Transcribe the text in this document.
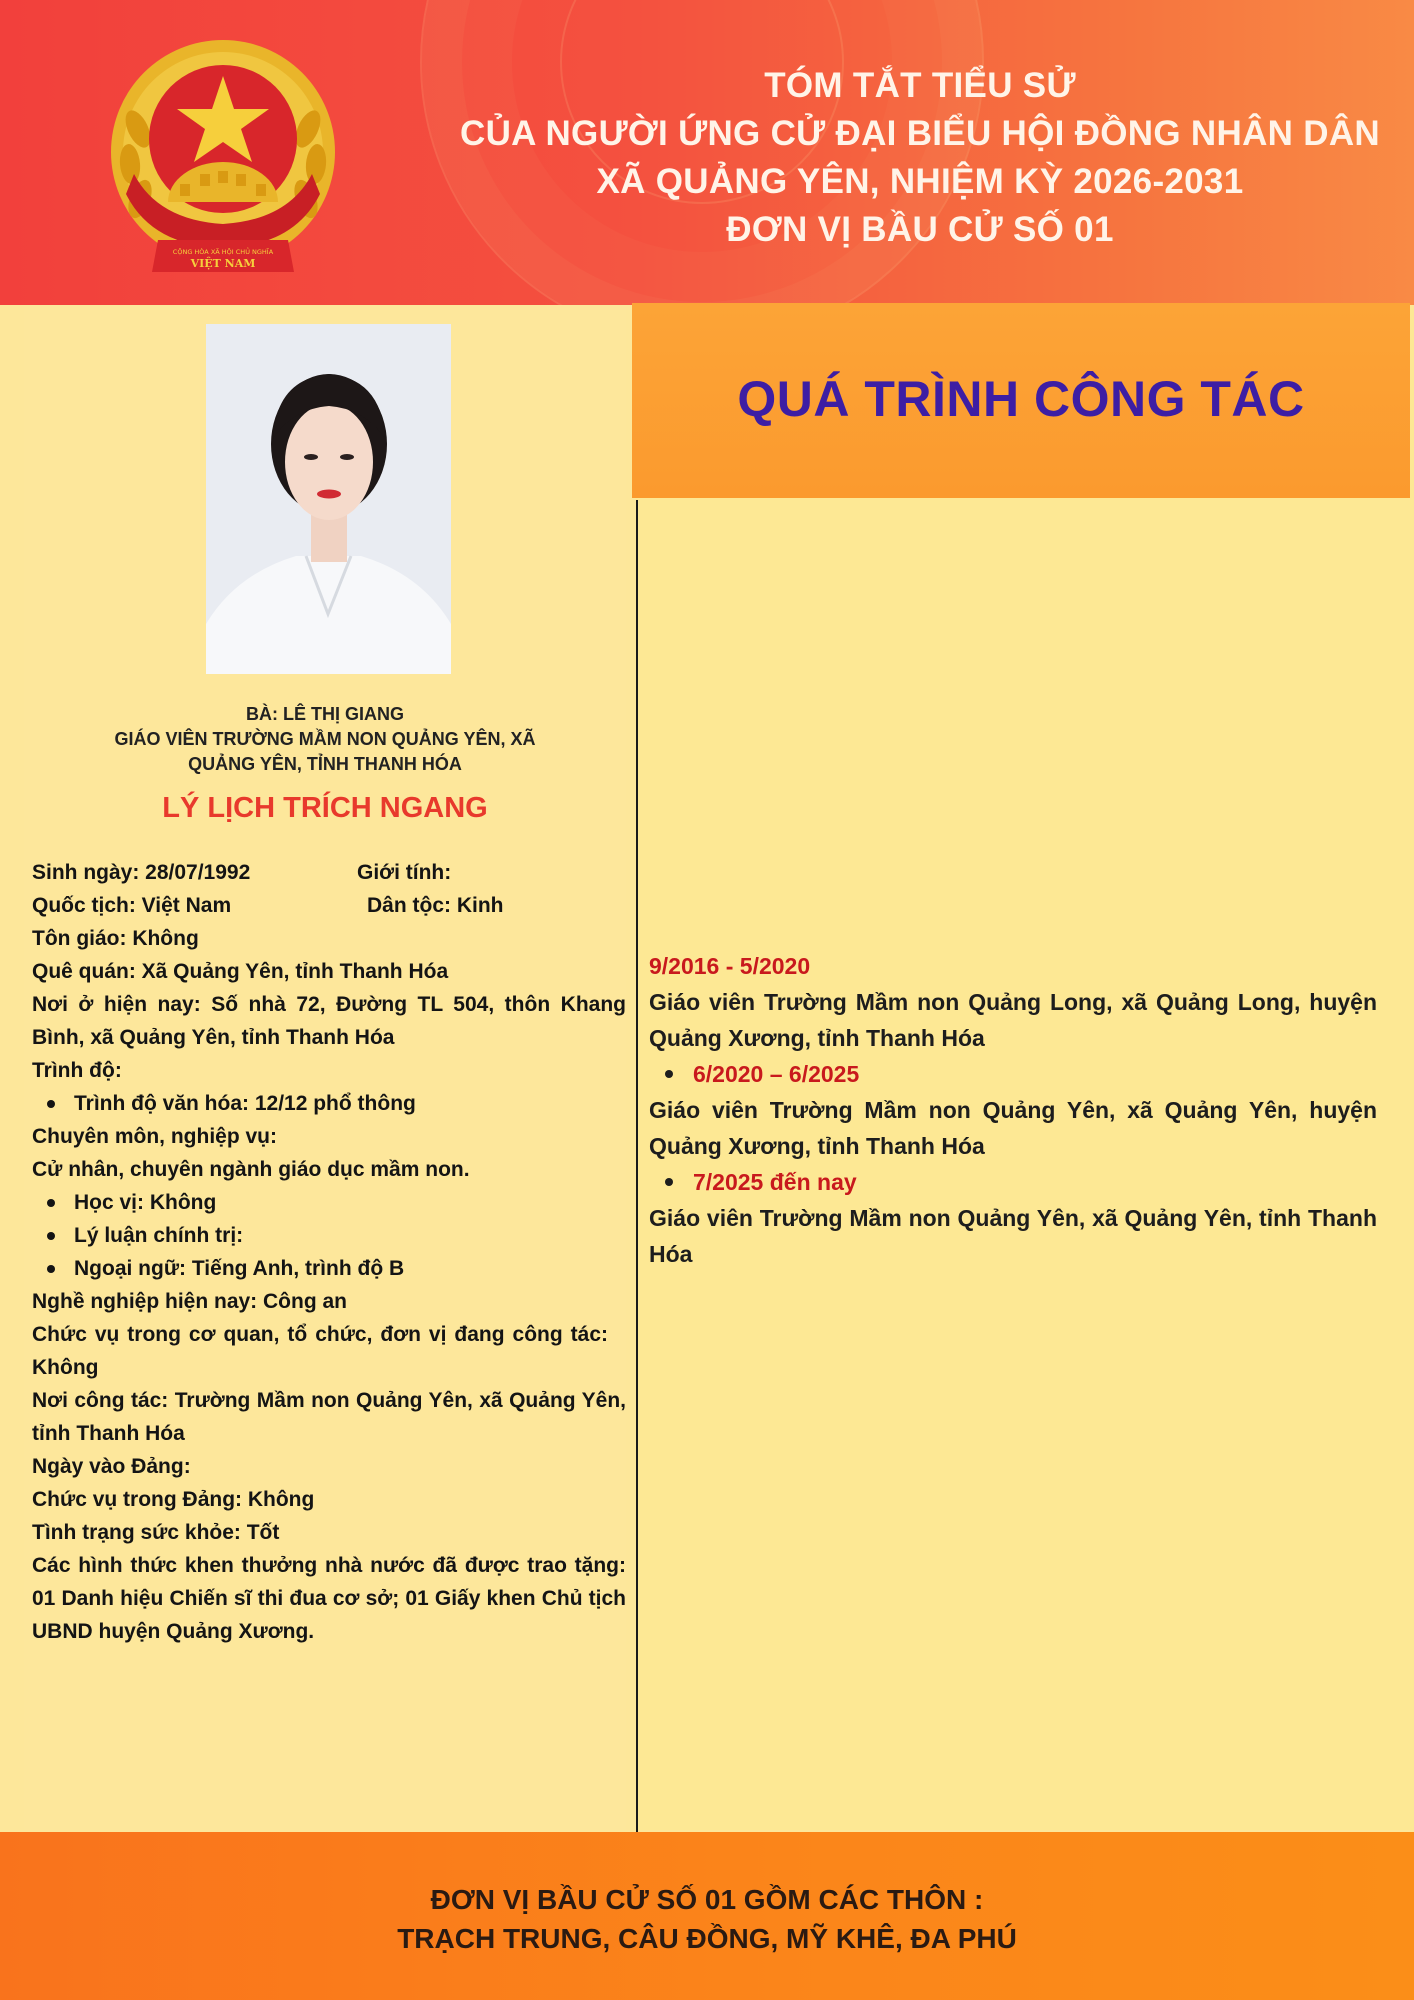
CỘNG HÒA XÃ HỘI CHỦ NGHĨA
VIỆT NAM
TÓM TẮT TIỂU SỬ
CỦA NGƯỜI ỨNG CỬ ĐẠI BIỂU HỘI ĐỒNG NHÂN DÂN
XÃ QUẢNG YÊN, NHIỆM KỲ 2026-2031
ĐƠN VỊ BẦU CỬ SỐ 01
BÀ: LÊ THỊ GIANG
GIÁO VIÊN TRƯỜNG MẦM NON QUẢNG YÊN, XÃ
QUẢNG YÊN, TỈNH THANH HÓA
LÝ LỊCH TRÍCH NGANG
Sinh ngày: 28/07/1992	Giới tính:
Quốc tịch: Việt Nam	Dân tộc: Kinh
Tôn giáo: Không
Quê quán: Xã Quảng Yên, tỉnh Thanh Hóa
Nơi ở hiện nay: Số nhà 72, Đường TL 504, thôn Khang Bình, xã Quảng Yên, tỉnh Thanh Hóa
Trình độ:
Trình độ văn hóa: 12/12 phổ thông
Chuyên môn, nghiệp vụ:
Cử nhân, chuyên ngành giáo dục mầm non.
Học vị: Không
Lý luận chính trị:
Ngoại ngữ: Tiếng Anh, trình độ B
Nghề nghiệp hiện nay: Công an
Chức vụ trong cơ quan, tổ chức, đơn vị đang công tác: Không
Nơi công tác: Trường Mầm non Quảng Yên, xã Quảng Yên, tỉnh Thanh Hóa
Ngày vào Đảng:
Chức vụ trong Đảng: Không
Tình trạng sức khỏe: Tốt
Các hình thức khen thưởng nhà nước đã được trao tặng: 01 Danh hiệu Chiến sĩ thi đua cơ sở; 01 Giấy khen Chủ tịch UBND huyện Quảng Xương.
QUÁ TRÌNH CÔNG TÁC
9/2016 - 5/2020
Giáo viên Trường Mầm non Quảng Long, xã Quảng Long, huyện Quảng Xương, tỉnh Thanh Hóa
6/2020 – 6/2025
Giáo viên Trường Mầm non Quảng Yên, xã Quảng Yên, huyện Quảng Xương, tỉnh Thanh Hóa
7/2025 đến nay
Giáo viên Trường Mầm non Quảng Yên, xã Quảng Yên, tỉnh Thanh Hóa
ĐƠN VỊ BẦU CỬ SỐ 01 GỒM CÁC THÔN :
TRẠCH TRUNG, CÂU ĐỒNG, MỸ KHÊ, ĐA PHÚ
